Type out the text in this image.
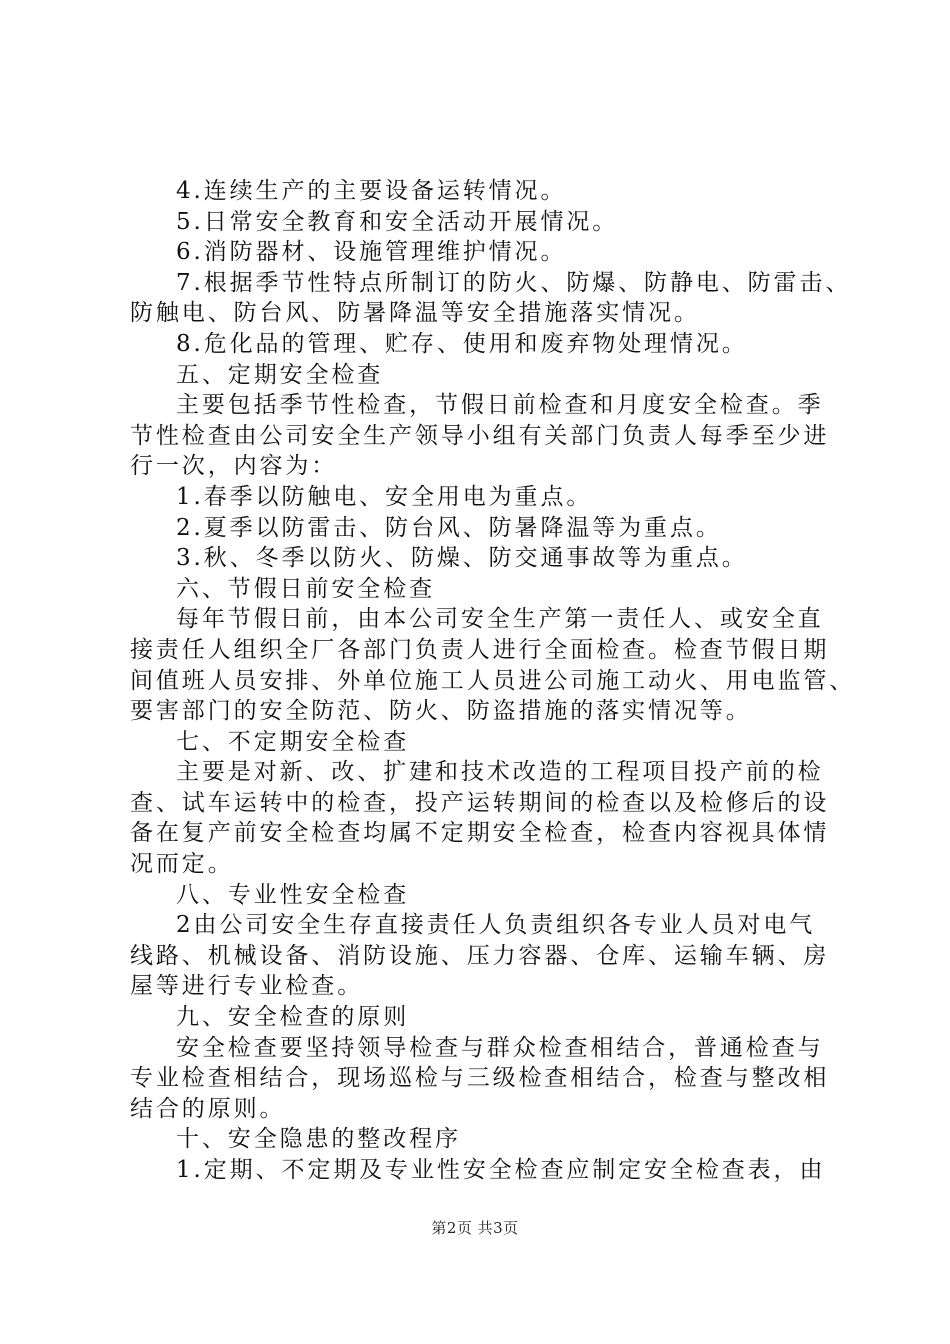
4.连续生产的主要设备运转情况。
5.日常安全教育和安全活动开展情况。
6.消防器材、设施管理维护情况。
7.根据季节性特点所制订的防火、防爆、防静电、防雷击、
防触电、防台风、防暑降温等安全措施落实情况。
8.危化品的管理、贮存、使用和废弃物处理情况。
五、定期安全检查
主要包括季节性检查，节假日前检查和月度安全检查。季
节性检查由公司安全生产领导小组有关部门负责人每季至少进
行一次，内容为：
1.春季以防触电、安全用电为重点。
2.夏季以防雷击、防台风、防暑降温等为重点。
3.秋、冬季以防火、防燥、防交通事故等为重点。
六、节假日前安全检查
每年节假日前，由本公司安全生产第一责任人、或安全直
接责任人组织全厂各部门负责人进行全面检查。检查节假日期
间值班人员安排、外单位施工人员进公司施工动火、用电监管、
要害部门的安全防范、防火、防盗措施的落实情况等。
七、不定期安全检查
主要是对新、改、扩建和技术改造的工程项目投产前的检
查、试车运转中的检查，投产运转期间的检查以及检修后的设
备在复产前安全检查均属不定期安全检查，检查内容视具体情
况而定。
八、专业性安全检查
2由公司安全生存直接责任人负责组织各专业人员对电气
线路、机械设备、消防设施、压力容器、仓库、运输车辆、房
屋等进行专业检查。
九、安全检查的原则
安全检查要坚持领导检查与群众检查相结合，普通检查与
专业检查相结合，现场巡检与三级检查相结合，检查与整改相
结合的原则。
十、安全隐患的整改程序
1.定期、不定期及专业性安全检查应制定安全检查表，由
第2页 共3页
